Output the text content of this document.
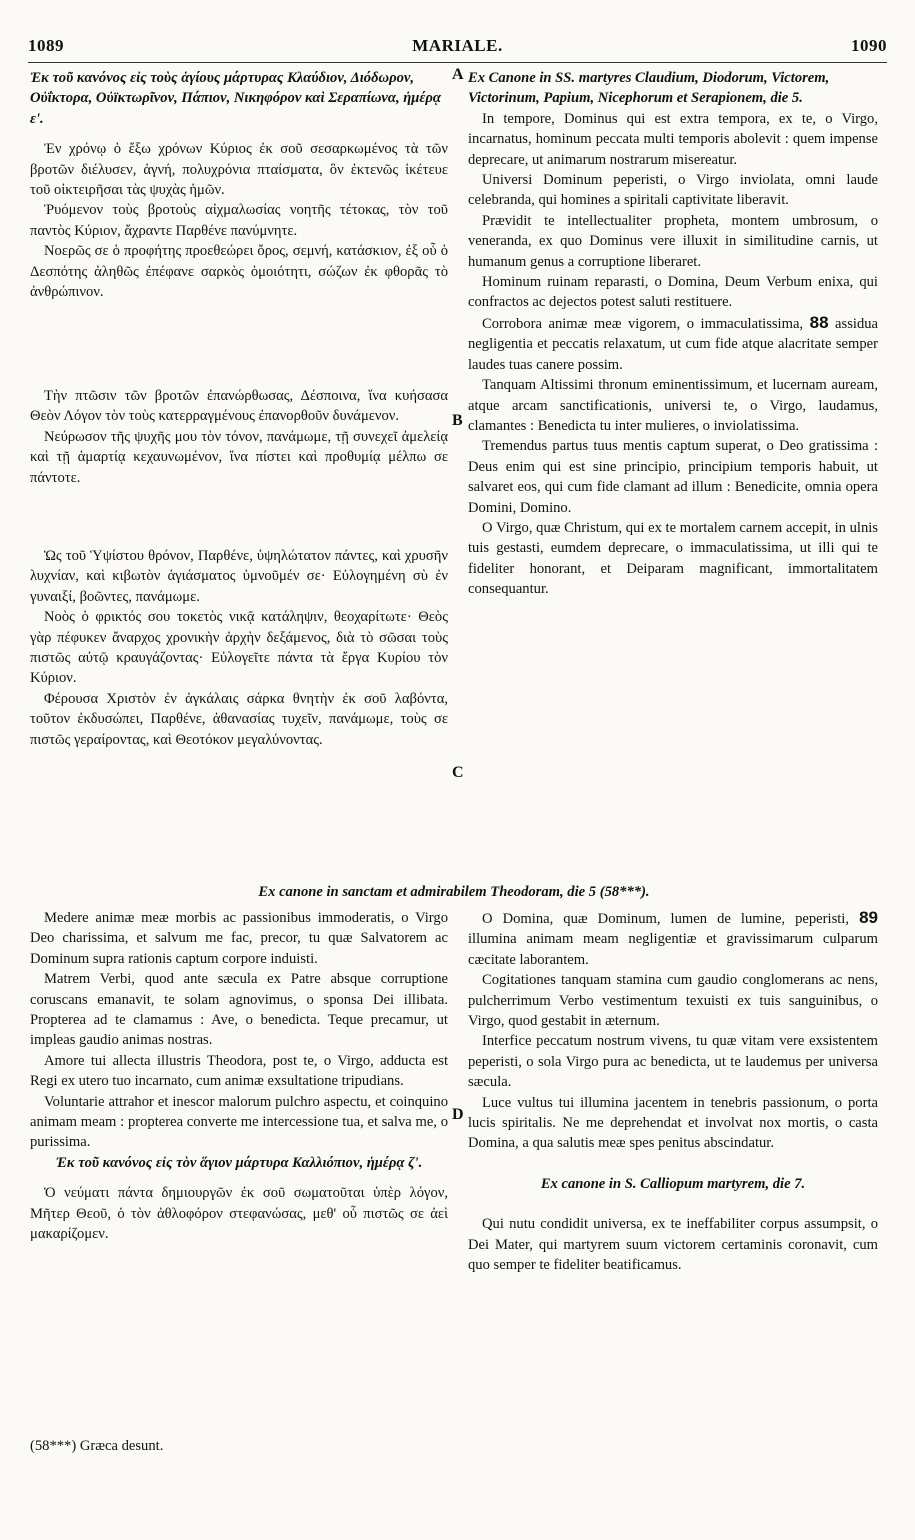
1089	MARIALE.	1090
A
B
C
D

Ἐκ τοῦ κανόνος εἰς τοὺς ἁγίους μάρτυρας Κλαύδιον, Διόδωρον, Οὐΐκτορα, Οὐϊκτωρῖνον, Πάπιον, Νικηφόρον καὶ Σεραπίωνα, ἡμέρᾳ ε'.

Ἐν χρόνῳ ὁ ἔξω χρόνων Κύριος ἐκ σοῦ σεσαρκωμένος τὰ τῶν βροτῶν διέλυσεν, ἁγνή, πολυχρόνια πταίσματα, ὃν ἐκτενῶς ἱκέτευε τοῦ οἰκτειρῆσαι τὰς ψυχὰς ἡμῶν.

Ῥυόμενον τοὺς βροτοὺς αἰχμαλωσίας νοητῆς τέτοκας, τὸν τοῦ παντὸς Κύριον, ἄχραντε Παρθένε πανύμνητε.

Νοερῶς σε ὁ προφήτης προεθεώρει ὄρος, σεμνή, κατάσκιον, ἐξ οὗ ὁ Δεσπότης ἀληθῶς ἐπέφανε σαρκὸς ὁμοιότητι, σώζων ἐκ φθορᾶς τὸ ἀνθρώπινον.

Τὴν πτῶσιν τῶν βροτῶν ἐπανώρθωσας, Δέσποινα, ἵνα κυήσασα Θεὸν Λόγον τὸν τοὺς κατερραγμένους ἐπανορθοῦν δυνάμενον.

Νεύρωσον τῆς ψυχῆς μου τὸν τόνον, πανάμωμε, τῇ συνεχεῖ ἀμελείᾳ καὶ τῇ ἁμαρτίᾳ κεχαυνωμένον, ἵνα πίστει καὶ προθυμίᾳ μέλπω σε πάντοτε.

Ὡς τοῦ Ὑψίστου θρόνον, Παρθένε, ὑψηλώτατον πάντες, καὶ χρυσῆν λυχνίαν, καὶ κιβωτὸν ἁγιάσματος ὑμνοῦμέν σε· Εὐλογημένη σὺ ἐν γυναιξί, βοῶντες, πανάμωμε.

Νοὸς ὁ φρικτός σου τοκετὸς νικᾷ κατάληψιν, θεοχαρίτωτε· Θεὸς γὰρ πέφυκεν ἄναρχος χρονικὴν ἀρχὴν δεξάμενος, διὰ τὸ σῶσαι τοὺς πιστῶς αὐτῷ κραυγάζοντας· Εὐλογεῖτε πάντα τὰ ἔργα Κυρίου τὸν Κύριον.

Φέρουσα Χριστὸν ἐν ἀγκάλαις σάρκα θνητὴν ἐκ σοῦ λαβόντα, τοῦτον ἐκδυσώπει, Παρθένε, ἀθανασίας τυχεῖν, πανάμωμε, τοὺς σε πιστῶς γεραίροντας, καὶ Θεοτόκον μεγαλύνοντας.

Ex Canone in SS. martyres Claudium, Diodorum, Victorem, Victorinum, Papium, Nicephorum et Serapionem, die 5.

In tempore, Dominus qui est extra tempora, ex te, o Virgo, incarnatus, hominum peccata multi temporis abolevit : quem impense deprecare, ut animarum nostrarum misereatur.

Universi Dominum peperisti, o Virgo inviolata, omni laude celebranda, qui homines a spiritali captivitate liberavit.

Prævidit te intellectualiter propheta, montem umbrosum, o veneranda, ex quo Dominus vere illuxit in similitudine carnis, ut humanum genus a corruptione liberaret.

Hominum ruinam reparasti, o Domina, Deum Verbum enixa, qui confractos ac dejectos potest saluti restituere.

Corrobora animæ meæ vigorem, o immaculatissima, 88 assidua negligentia et peccatis relaxatum, ut cum fide atque alacritate semper laudes tuas canere possim.

Tanquam Altissimi thronum eminentissimum, et lucernam auream, atque arcam sanctificationis, universi te, o Virgo, laudamus, clamantes : Benedicta tu inter mulieres, o inviolatissima.

Tremendus partus tuus mentis captum superat, o Deo gratissima : Deus enim qui est sine principio, principium temporis habuit, ut salvaret eos, qui cum fide clamant ad illum : Benedicite, omnia opera Domini, Domino.

O Virgo, quæ Christum, qui ex te mortalem carnem accepit, in ulnis tuis gestasti, eumdem deprecare, o immaculatissima, ut illi qui te fideliter honorant, et Deiparam magnificant, immortalitatem consequantur.

Ex canone in sanctam et admirabilem Theodoram, die 5 (58***).

Medere animæ meæ morbis ac passionibus immoderatis, o Virgo Deo charissima, et salvum me fac, precor, tu quæ Salvatorem ac Dominum supra rationis captum corpore induisti.

Matrem Verbi, quod ante sæcula ex Patre absque corruptione coruscans emanavit, te solam agnovimus, o sponsa Dei illibata. Propterea ad te clamamus : Ave, o benedicta. Teque precamur, ut impleas gaudio animas nostras.

Amore tui allecta illustris Theodora, post te, o Virgo, adducta est Regi ex utero tuo incarnato, cum animæ exsultatione tripudians.

Voluntarie attrahor et inescor malorum pulchro aspectu, et coinquino animam meam : propterea converte me intercessione tua, et salva me, o purissima.

Ἐκ τοῦ κανόνος εἰς τὸν ἅγιον μάρτυρα Καλλιόπιον, ἡμέρᾳ ζ'.

Ὁ νεύματι πάντα δημιουργῶν ἐκ σοῦ σωματοῦται ὑπὲρ λόγον, Μῆτερ Θεοῦ, ὁ τὸν ἀθλοφόρον στεφανώσας, μεθ' οὗ πιστῶς σε ἀεὶ μακαρίζομεν.

O Domina, quæ Dominum, lumen de lumine, peperisti, 89 illumina animam meam negligentiæ et gravissimarum culparum cæcitate laborantem.

Cogitationes tanquam stamina cum gaudio conglomerans ac nens, pulcherrimum Verbo vestimentum texuisti ex tuis sanguinibus, o Virgo, quod gestabit in æternum.

Interfice peccatum nostrum vivens, tu quæ vitam vere exsistentem peperisti, o sola Virgo pura ac benedicta, ut te laudemus per universa sæcula.

Luce vultus tui illumina jacentem in tenebris passionum, o porta lucis spiritalis. Ne me deprehendat et involvat nox mortis, o casta Domina, a qua salutis meæ spes penitus abscindatur.

Ex canone in S. Calliopum martyrem, die 7.

Qui nutu condidit universa, ex te ineffabiliter corpus assumpsit, o Dei Mater, qui martyrem suum victorem certaminis coronavit, cum quo semper te fideliter beatificamus.

(58***) Græca desunt.
